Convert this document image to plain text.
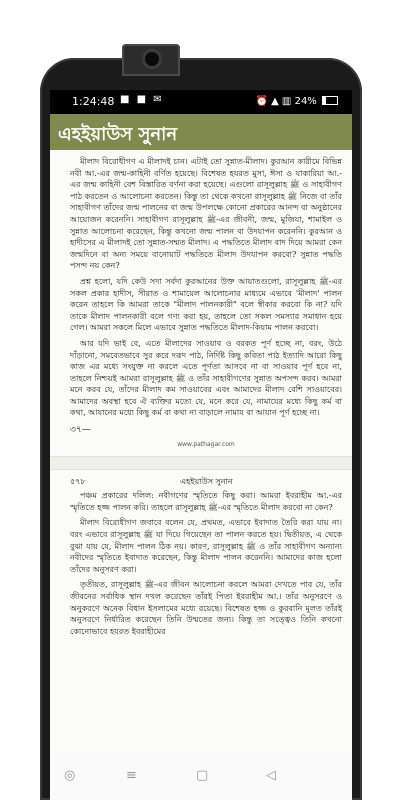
1:24:48 ■ ■ ✉	⏰ ▲ ▥ 24%
এহইয়াউস সুনান

মীলাদ বিরোধীগণ এ মীলাদই চান। এটাই তো সুন্নাত-মীলাদ। কুরআন কারীমে বিভিন্ন নবী আ.-এর জন্ম-কাহিনী বর্ণিত হয়েছে। বিশেষত হযরত মুসা, ঈসা ও যাকারিয়া আ.-এর জন্ম কাহিনী বেশ বিস্তারিত বর্ণনা করা হয়েছে। এগুলো রাসূলুল্লাহ ﷺ ও সাহাবীগণ পাঠ করতেন ও আলোচনা করতেন। কিন্তু তা থেকে কখনো রাসূলুল্লাহ ﷺ নিজে বা তাঁর সাহাবীগণ তাঁদের জন্ম পালনের বা জন্ম উপলক্ষে কোনো প্রকারের আনন্দ বা অনুষ্ঠানের আয়োজন করেননি। সাহাবীগণ রাসূলুল্লাহ ﷺ-এর জীবনী, জন্ম, মুজিযা, শামাইল ও সুন্নাত আলোচনা করেছেন, কিন্তু কখনো জন্ম পালন বা উদযাপন করেননি। কুরআন ও হাদীসের এ মীলাদই তো সুন্নাত-সম্মত মীলাদ। এ পদ্ধতিতে মীলাদ বাদ দিয়ে আমরা কেন জন্মদিনে বা অন্য সময়ে বানোয়াট পদ্ধতিতে মীলাদ উদযাপন করবো? সুন্নাত পদ্ধতি পসন্দ নয় কেন?

প্রশ্ন হলো, যদি কেউ সদা সর্বদা কুরআনের উক্ত আয়াতগুলো, রাসূলুল্লাহ ﷺ-এর সকল প্রকার হাদীস, সীরাত ও শামায়েল আলোচনার মাধ্যমে এভাবে 'মীলাদ' পালন করেন তাহলে কি আমরা তাকে "মীলাদ পালনকারী" বলে স্বীকার করবো কি না? যদি তাকে মীলাদ পালনকারী বলে গণ্য করা হয়, তাহলে তো সকল সমস্যার সমাধান হয়ে গেল। আমরা সকলে মিলে এভাবে সুন্নাত পদ্ধতিতে মীলাদ-কিয়াম পালন করবো।

আর যদি ভাই বে, এতে মীলাদের সাওয়াব ও বরকত পূর্ণ হচ্ছে না, বরং, উঠে দাঁড়ানো, সমবেতভাবে সুর করে দরূদ পাঠ, নির্দিষ্ট কিছু কবিতা পাঠ ইত্যাদি আরো কিছু কাজ এর মধ্যে সংযুক্ত না করলে এতে পূর্ণতা আসবে না বা সাওয়াব পূর্ণ হবে না, তাহলে নিশ্চয়ই আমরা রাসূলুল্লাহ ﷺ ও তাঁর সাহাবীগণের সুন্নাত অপসন্দ করব। আমরা মনে করব যে, তাঁদের মীলাদ কম সাওয়াবের এবং আমাদের মীলাদ বেশি সাওয়াবের। আমাদের অবস্থা হবে ঐ ব্যক্তির মতো যে, মনে করে যে, নামাযের মধ্যে কিছু কর্ম বা কথা, আযানের মধ্যে কিছু কর্ম বা কথা না বাড়ালে নামায বা আযান পূর্ণ হচ্ছে না।

৩৭—
www.pathagar.com
৫৭৮	এহইয়াউস সুনান

পঞ্চম প্রকারের দলিল: নবীগণের স্মৃতিতে কিছু করা। আমরা ইবরাহীম আ.-এর স্মৃতিতে হজ্জ পালন করি। তাহলে রাসূলুল্লাহ ﷺ-এর স্মৃতিতে মীলাদ করবো না কেন?

মীলাদ বিরোধীগণ জবাবে বলেন যে, প্রথমত, এভাবে ইবাদাত তৈরি করা যায় না। বরং এভাবে রাসূলুল্লাহ ﷺ যা দিয়ে গিয়েছেন তা পালন করতে হয়। দ্বিতীয়ত, এ থেকে বুঝা যায় যে, মীলাদ পালন ঠিক নয়। কারণ, রাসূলুল্লাহ ﷺ ও তাঁর সাহাবীগণ অন্যান্য নবীদের স্মৃতিতে ইবাদাত করেছেন, কিন্তু মীলাদ পালন করেননি। আমাদের কাজ হলো তাঁদের অনুসরণ করা।

তৃতীয়ত, রাসূলুল্লাহ ﷺ-এর জীবন আলোচনা করলে আমরা দেখতে পাব যে, তাঁর জীবনের সর্বাধিক স্থান দখল করেছেন তাঁরই পিতা ইবরাহীম আ.। তাঁর অনুসরণে ও অনুকরণে অনেক বিধান ইসলামের মধ্যে রয়েছে। বিশেষত হজ্জ ও কুরবানি মূলত তাঁরই অনুসরণে নির্ধারিত করেছেন তিনি উম্মতের জন্য। কিন্তু তা সত্ত্বেও তিনি কখনো কোনোভাবে হযরত ইবরাহীমের

◎	≡	▢	◁
